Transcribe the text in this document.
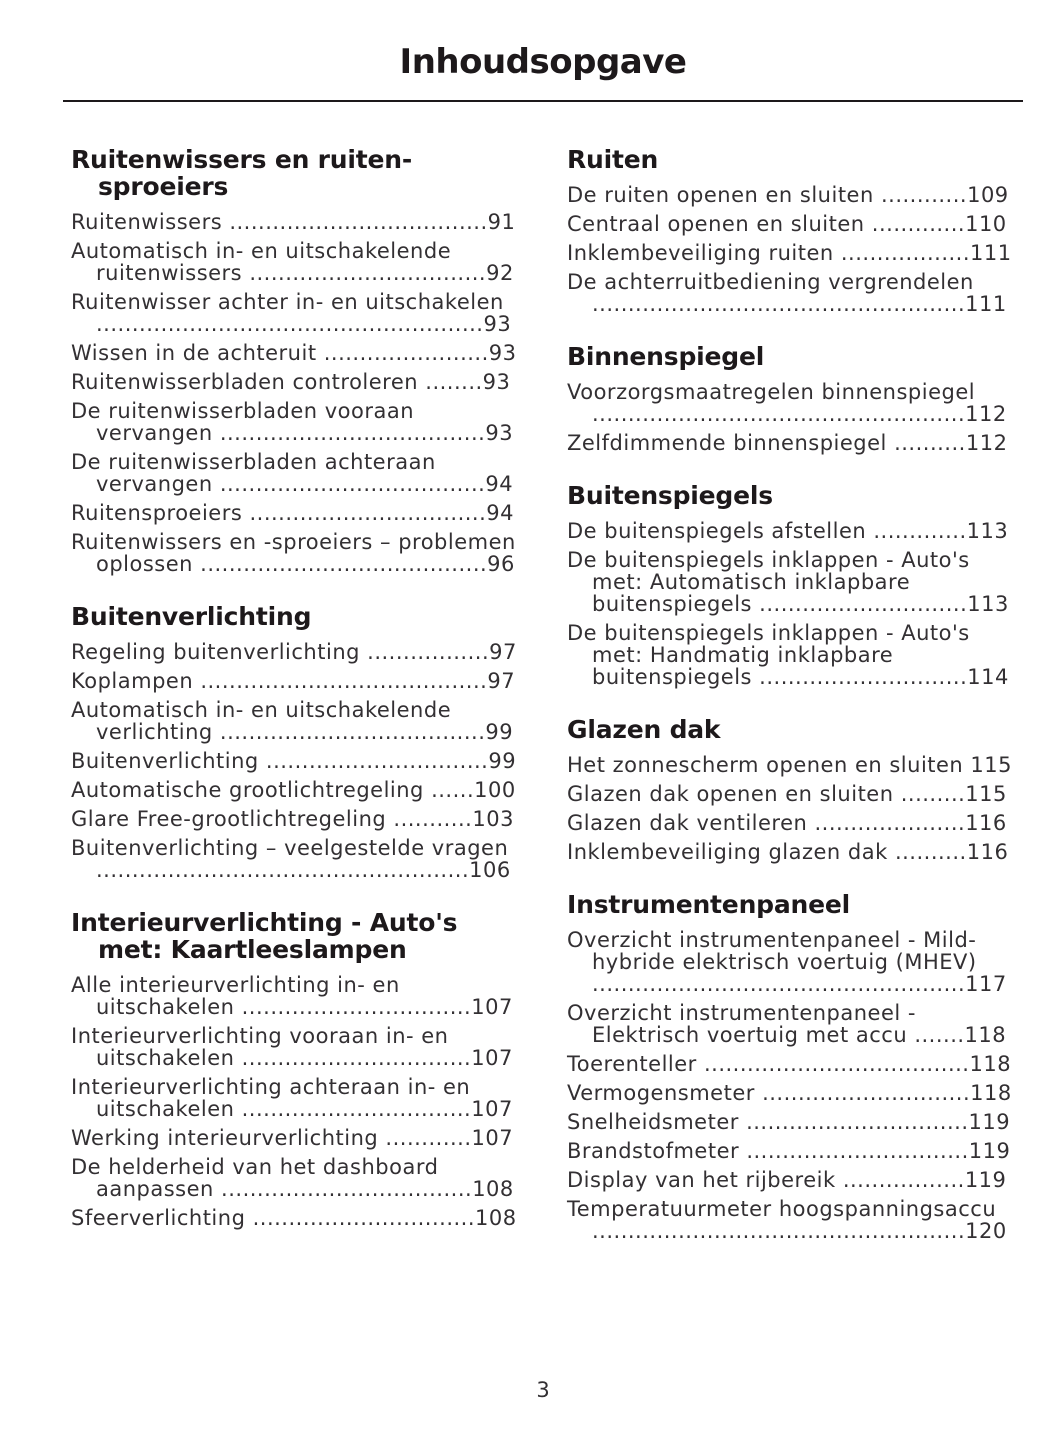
Inhoudsopgave
Ruitenwissers en ruiten-sproeiers
Ruitenwissers ....................................91
Automatisch in- en uitschakelende ruitenwissers .................................92
Ruitenwisser achter in- en uitschakelen ......................................................93
Wissen in de achteruit .......................93
Ruitenwisserbladen controleren ........93
De ruitenwisserbladen vooraan vervangen .....................................93
De ruitenwisserbladen achteraan vervangen .....................................94
Ruitensproeiers .................................94
Ruitenwissers en -sproeiers – problemen oplossen ........................................96
Buitenverlichting
Regeling buitenverlichting .................97
Koplampen ........................................97
Automatisch in- en uitschakelende verlichting .....................................99
Buitenverlichting ...............................99
Automatische grootlichtregeling ......100
Glare Free-grootlichtregeling ...........103
Buitenverlichting – veelgestelde vragen ....................................................106
Interieurverlichting - Auto's met: Kaartleeslampen
Alle interieurverlichting in- en uitschakelen ................................107
Interieurverlichting vooraan in- en uitschakelen ................................107
Interieurverlichting achteraan in- en uitschakelen ................................107
Werking interieurverlichting ............107
De helderheid van het dashboard aanpassen ...................................108
Sfeerverlichting ...............................108
Ruiten
De ruiten openen en sluiten ............109
Centraal openen en sluiten .............110
Inklembeveiliging ruiten ..................111
De achterruitbediening vergrendelen ....................................................111
Binnenspiegel
Voorzorgsmaatregelen binnenspiegel ....................................................112
Zelfdimmende binnenspiegel ..........112
Buitenspiegels
De buitenspiegels afstellen .............113
De buitenspiegels inklappen - Auto's met: Automatisch inklapbare buitenspiegels .............................113
De buitenspiegels inklappen - Auto's met: Handmatig inklapbare buitenspiegels .............................114
Glazen dak
Het zonnescherm openen en sluiten 115
Glazen dak openen en sluiten .........115
Glazen dak ventileren .....................116
Inklembeveiliging glazen dak ..........116
Instrumentenpaneel
Overzicht instrumentenpaneel - Mild-hybride elektrisch voertuig (MHEV) ....................................................117
Overzicht instrumentenpaneel - Elektrisch voertuig met accu .......118
Toerenteller .....................................118
Vermogensmeter .............................118
Snelheidsmeter ...............................119
Brandstofmeter ...............................119
Display van het rijbereik .................119
Temperatuurmeter hoogspanningsaccu ....................................................120
3
